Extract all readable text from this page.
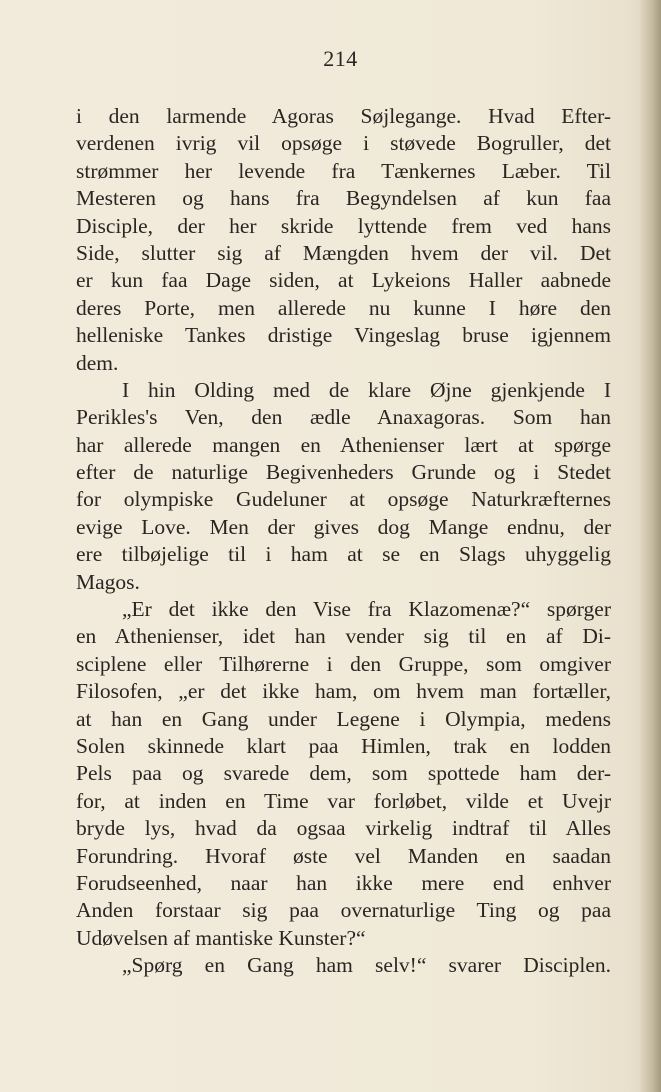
214
i den larmende Agoras Søjlegange. Hvad Efter-
verdenen ivrig vil opsøge i støvede Bogruller, det
strømmer her levende fra Tænkernes Læber. Til
Mesteren og hans fra Begyndelsen af kun faa
Disciple, der her skride lyttende frem ved hans
Side, slutter sig af Mængden hvem der vil. Det
er kun faa Dage siden, at Lykeions Haller aabnede
deres Porte, men allerede nu kunne I høre den
helleniske Tankes dristige Vingeslag bruse igjennem
dem.
I hin Olding med de klare Øjne gjenkjende I
Perikles's Ven, den ædle Anaxagoras. Som han
har allerede mangen en Athenienser lært at spørge
efter de naturlige Begivenheders Grunde og i Stedet
for olympiske Gudeluner at opsøge Naturkræfternes
evige Love. Men der gives dog Mange endnu, der
ere tilbøjelige til i ham at se en Slags uhyggelig
Magos.
„Er det ikke den Vise fra Klazomenæ?“ spørger
en Athenienser, idet han vender sig til en af Di-
sciplene eller Tilhørerne i den Gruppe, som omgiver
Filosofen, „er det ikke ham, om hvem man fortæller,
at han en Gang under Legene i Olympia, medens
Solen skinnede klart paa Himlen, trak en lodden
Pels paa og svarede dem, som spottede ham der-
for, at inden en Time var forløbet, vilde et Uvejr
bryde lys, hvad da ogsaa virkelig indtraf til Alles
Forundring. Hvoraf øste vel Manden en saadan
Forudseenhed, naar han ikke mere end enhver
Anden forstaar sig paa overnaturlige Ting og paa
Udøvelsen af mantiske Kunster?“
„Spørg en Gang ham selv!“ svarer Disciplen.
